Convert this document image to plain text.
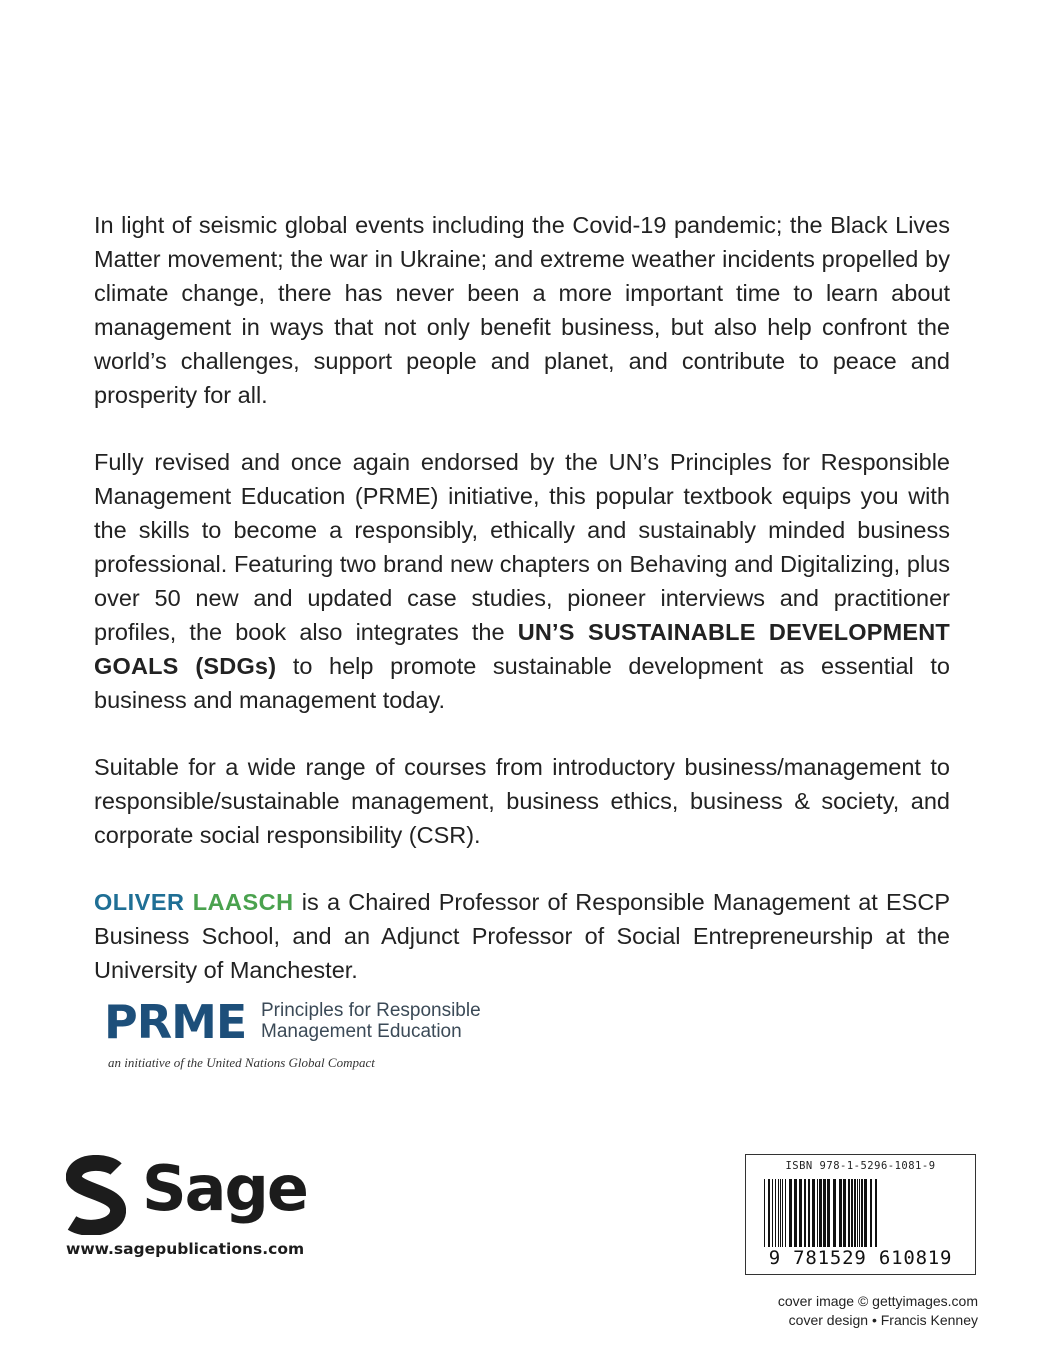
In light of seismic global events including the Covid-19 pandemic; the Black Lives Matter movement; the war in Ukraine; and extreme weather incidents propelled by climate change, there has never been a more important time to learn about management in ways that not only benefit business, but also help confront the world’s challenges, support people and planet, and contribute to peace and prosperity for all.

Fully revised and once again endorsed by the UN’s Principles for Responsible Management Education (PRME) initiative, this popular textbook equips you with the skills to become a responsibly, ethically and sustainably minded business professional. Featuring two brand new chapters on Behaving and Digitalizing, plus over 50 new and updated case studies, pioneer interviews and practitioner profiles, the book also integrates the UN’S SUSTAINABLE DEVELOPMENT GOALS (SDGs) to help promote sustainable development as essential to business and management today.

Suitable for a wide range of courses from introductory business/management to responsible/sustainable management, business ethics, business & society, and corporate social responsibility (CSR).

OLIVER LAASCH is a Chaired Professor of Responsible Management at ESCP Business School, and an Adjunct Professor of Social Entrepreneurship at the University of Manchester.

PRME Principles for Responsible
Management Education
an initiative of the United Nations Global Compact
Sage
www.sagepublications.com
ISBN 978-1-5296-1081-9
9 781529 610819
cover image © gettyimages.com
cover design • Francis Kenney
